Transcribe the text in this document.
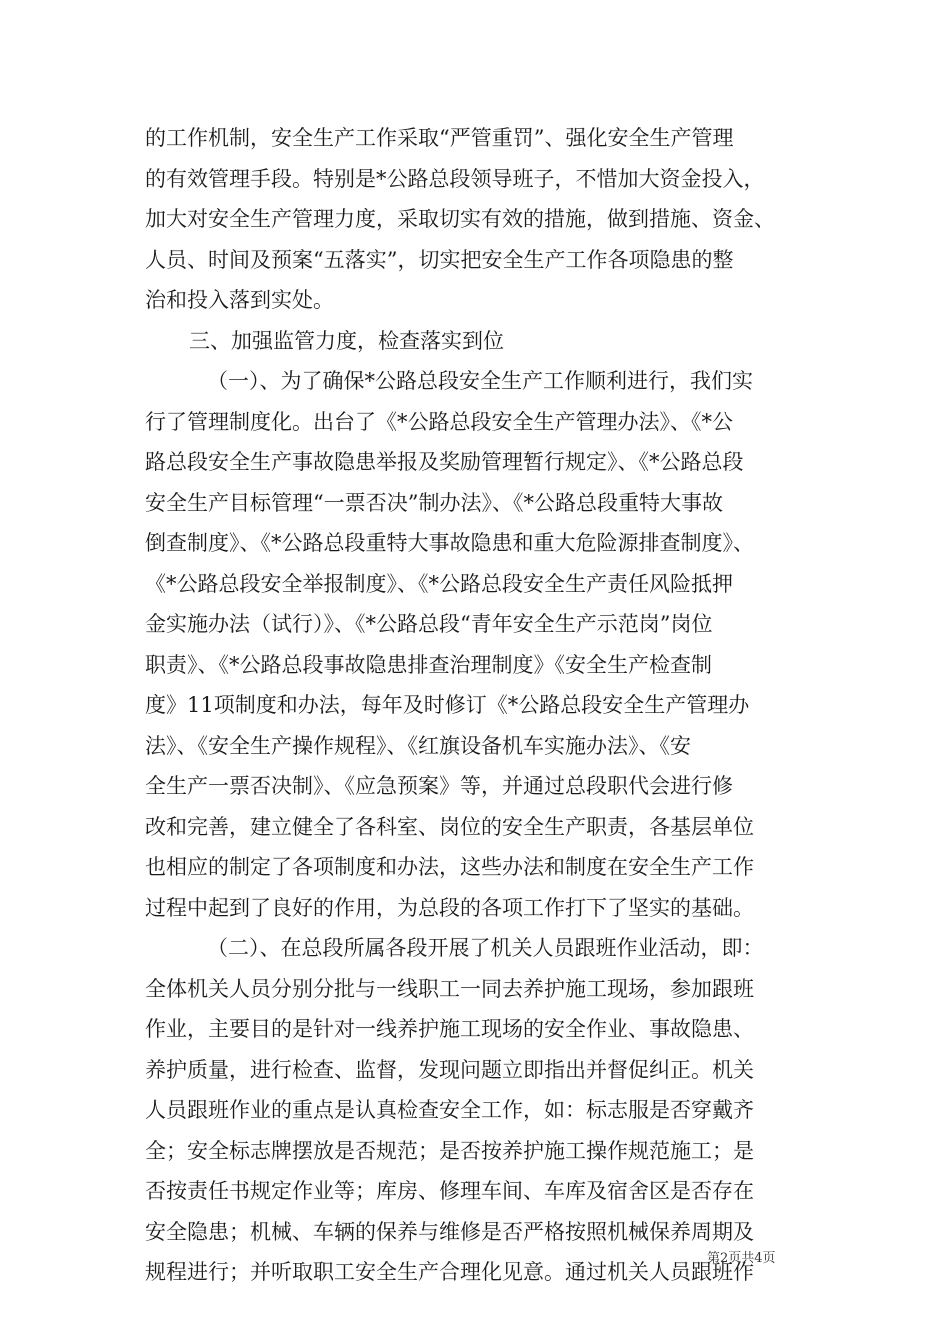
的工作机制，安全生产工作采取“严管重罚”、强化安全生产管理
的有效管理手段。特别是*公路总段领导班子，不惜加大资金投入，
加大对安全生产管理力度，采取切实有效的措施，做到措施、资金、
人员、时间及预案“五落实”，切实把安全生产工作各项隐患的整
治和投入落到实处。
三、加强监管力度，检查落实到位
（一）、为了确保*公路总段安全生产工作顺利进行，我们实
行了管理制度化。出台了《*公路总段安全生产管理办法》、《*公
路总段安全生产事故隐患举报及奖励管理暂行规定》、《*公路总段
安全生产目标管理“一票否决”制办法》、《*公路总段重特大事故
倒查制度》、《*公路总段重特大事故隐患和重大危险源排查制度》、
《*公路总段安全举报制度》、《*公路总段安全生产责任风险抵押
金实施办法（试行）》、《*公路总段“青年安全生产示范岗”岗位
职责》、《*公路总段事故隐患排查治理制度》《安全生产检查制
度》11项制度和办法，每年及时修订《*公路总段安全生产管理办
法》、《安全生产操作规程》、《红旗设备机车实施办法》、《安
全生产一票否决制》、《应急预案》等，并通过总段职代会进行修
改和完善，建立健全了各科室、岗位的安全生产职责，各基层单位
也相应的制定了各项制度和办法，这些办法和制度在安全生产工作
过程中起到了良好的作用，为总段的各项工作打下了坚实的基础。
（二）、在总段所属各段开展了机关人员跟班作业活动，即：
全体机关人员分别分批与一线职工一同去养护施工现场，参加跟班
作业，主要目的是针对一线养护施工现场的安全作业、事故隐患、
养护质量，进行检查、监督，发现问题立即指出并督促纠正。机关
人员跟班作业的重点是认真检查安全工作，如：标志服是否穿戴齐
全；安全标志牌摆放是否规范；是否按养护施工操作规范施工；是
否按责任书规定作业等；库房、修理车间、车库及宿舍区是否存在
安全隐患；机械、车辆的保养与维修是否严格按照机械保养周期及
规程进行；并听取职工安全生产合理化见意。通过机关人员跟班作
第2页共4页
